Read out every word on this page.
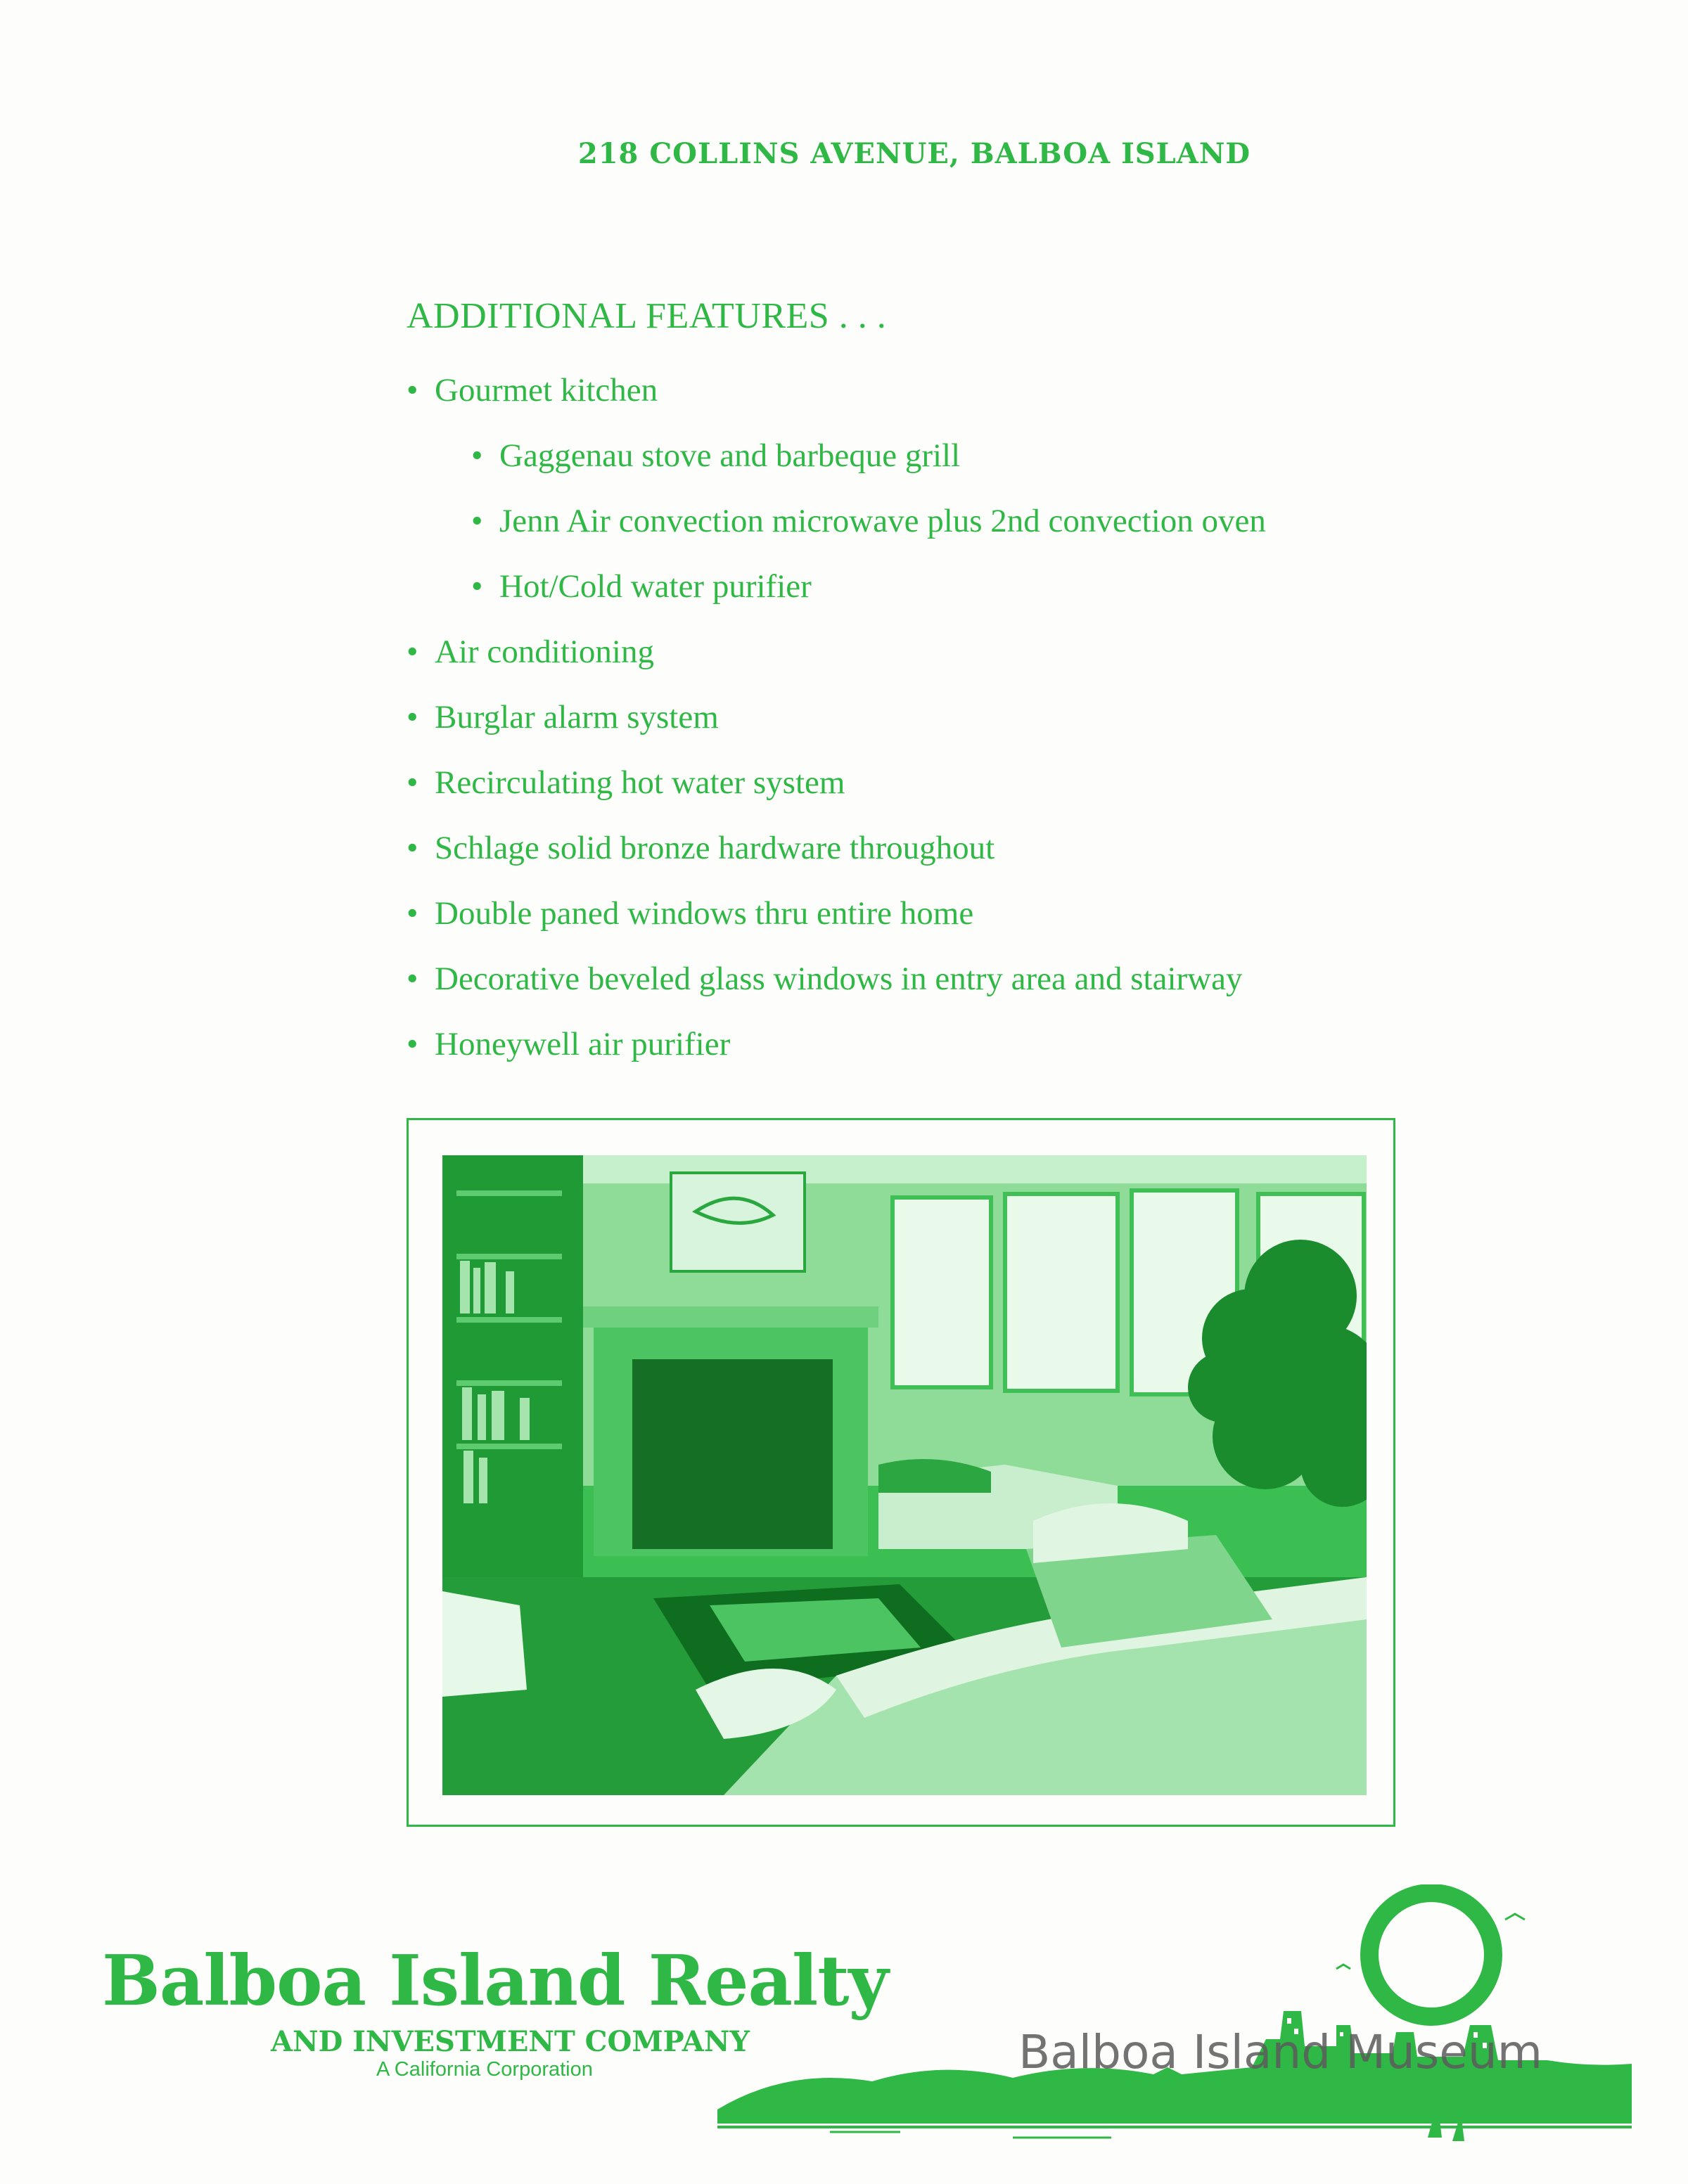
218 COLLINS AVENUE, BALBOA ISLAND
ADDITIONAL FEATURES . . .
• Gourmet kitchen
• Gaggenau stove and barbeque grill
• Jenn Air convection microwave plus 2nd convection oven
• Hot/Cold water purifier
• Air conditioning
• Burglar alarm system
• Recirculating hot water system
• Schlage solid bronze hardware throughout
• Double paned windows thru entire home
• Decorative beveled glass windows in entry area and stairway
• Honeywell air purifier
Balboa Island Realty
AND INVESTMENT COMPANY
A California Corporation	Balboa Island Museum
